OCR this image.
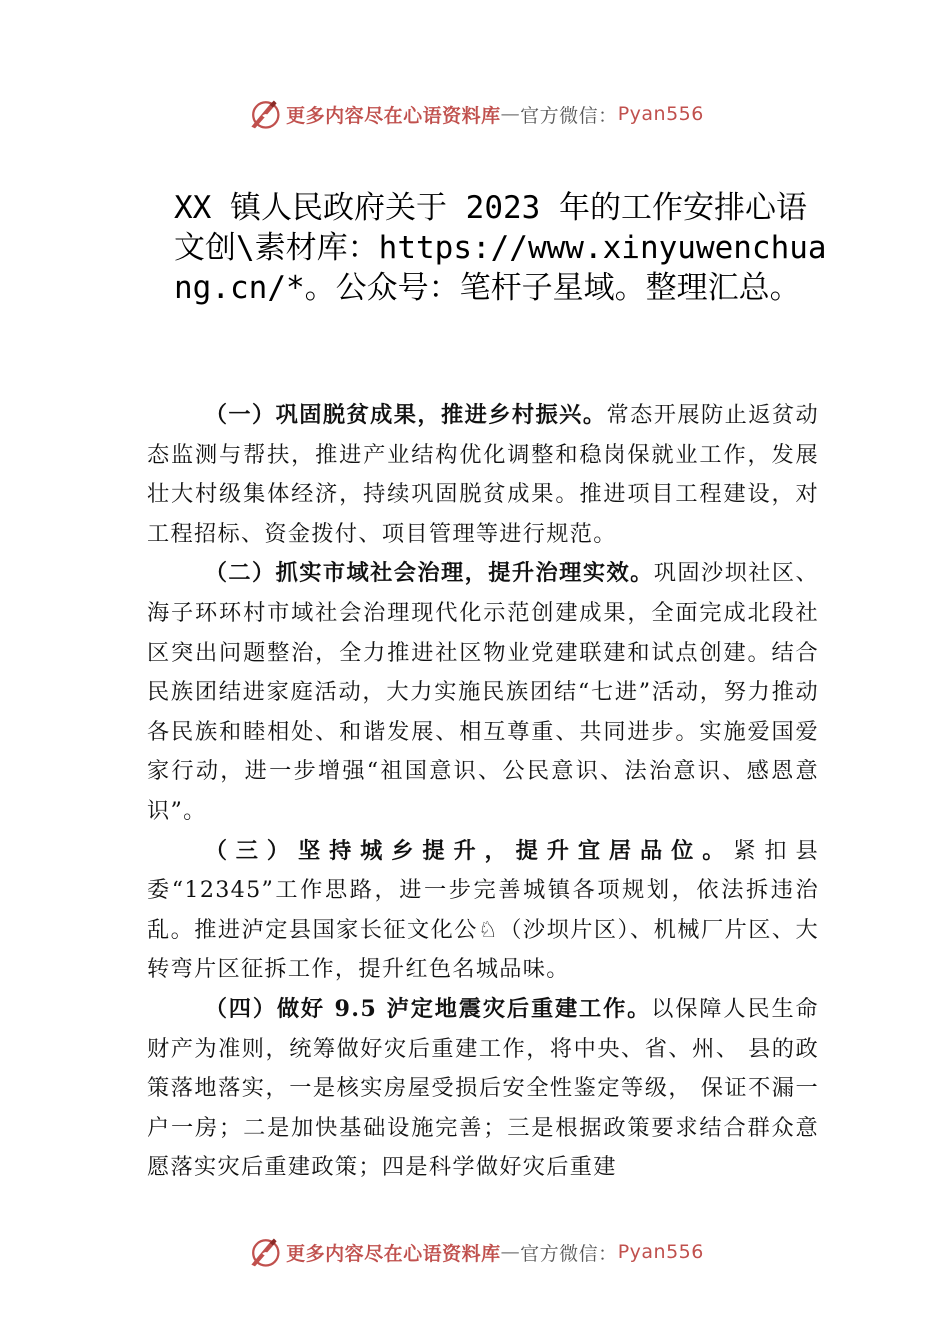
更多内容尽在心语资料库 — 官方微信： Pyan556
XX 镇人民政府关于 2023 年的工作安排心语文创\素材库：https://www.xinyuwenchuang.cn/*。公众号：笔杆子星域。整理汇总。

（一）巩固脱贫成果，推进乡村振兴。常态开展防止返贫动态监测与帮扶，推进产业结构优化调整和稳岗保就业工作，发展壮大村级集体经济，持续巩固脱贫成果。推进项目工程建设，对工程招标、资金拨付、项目管理等进行规范。

（二）抓实市域社会治理，提升治理实效。巩固沙坝社区、海子环环村市域社会治理现代化示范创建成果，全面完成北段社区突出问题整治，全力推进社区物业党建联建和试点创建。结合民族团结进家庭活动，大力实施民族团结“七进”活动，努力推动各民族和睦相处、和谐发展、相互尊重、共同进步。实施爱国爱家行动，进一步增强“祖国意识、公民意识、法治意识、感恩意识”。

（三）坚持城乡提升，提升宜居品位。紧扣县委“12345”工作思路，进一步完善城镇各项规划，依法拆违治乱。推进泸定县国家长征文化公♘（沙坝片区）、机械厂片区、大转弯片区征拆工作，提升红色名城品味。

（四）做好 9.5 泸定地震灾后重建工作。以保障人民生命财产为准则，统筹做好灾后重建工作，将中央、省、州、 县的政策落地落实，一是核实房屋受损后安全性鉴定等级， 保证不漏一户一房；二是加快基础设施完善；三是根据政策要求结合群众意愿落实灾后重建政策；四是科学做好灾后重建

更多内容尽在心语资料库 — 官方微信： Pyan556
